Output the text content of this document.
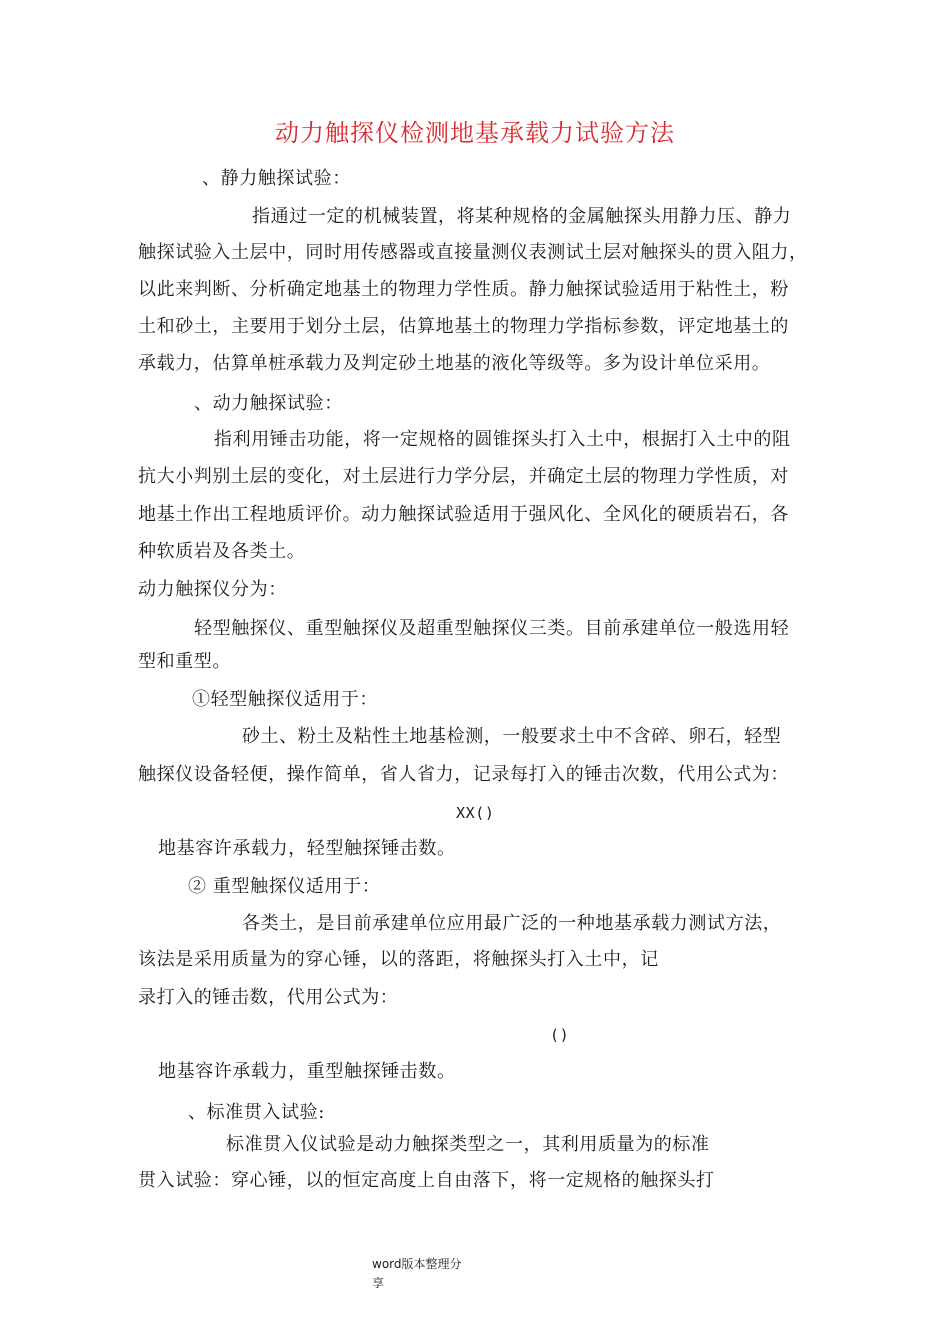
动力触探仪检测地基承载力试验方法
、静力触探试验：
指通过一定的机械装置，将某种规格的金属触探头用静力压、静力
触探试验入土层中，同时用传感器或直接量测仪表测试土层对触探头的贯入阻力，
以此来判断、分析确定地基土的物理力学性质。静力触探试验适用于粘性土，粉
土和砂土，主要用于划分土层，估算地基土的物理力学指标参数，评定地基土的
承载力，估算单桩承载力及判定砂土地基的液化等级等。多为设计单位采用。
、动力触探试验：
指利用锤击功能，将一定规格的圆锥探头打入土中，根据打入土中的阻
抗大小判别土层的变化，对土层进行力学分层，并确定土层的物理力学性质，对
地基土作出工程地质评价。动力触探试验适用于强风化、全风化的硬质岩石，各
种软质岩及各类土。
动力触探仪分为：
轻型触探仪、重型触探仪及超重型触探仪三类。目前承建单位一般选用轻
型和重型。
①轻型触探仪适用于：
砂土、粉土及粘性土地基检测，一般要求土中不含碎、卵石，轻型
触探仪设备轻便，操作简单，省人省力，记录每打入的锤击次数，代用公式为：
XX()
地基容许承载力，轻型触探锤击数。
② 重型触探仪适用于：
各类土，是目前承建单位应用最广泛的一种地基承载力测试方法，
该法是采用质量为的穿心锤，以的落距，将触探头打入土中，记
录打入的锤击数，代用公式为：
()
地基容许承载力，重型触探锤击数。
、标准贯入试验:
标准贯入仪试验是动力触探类型之一，其利用质量为的标准
贯入试验：穿心锤，以的恒定高度上自由落下，将一定规格的触探头打
word版本整理分
享
